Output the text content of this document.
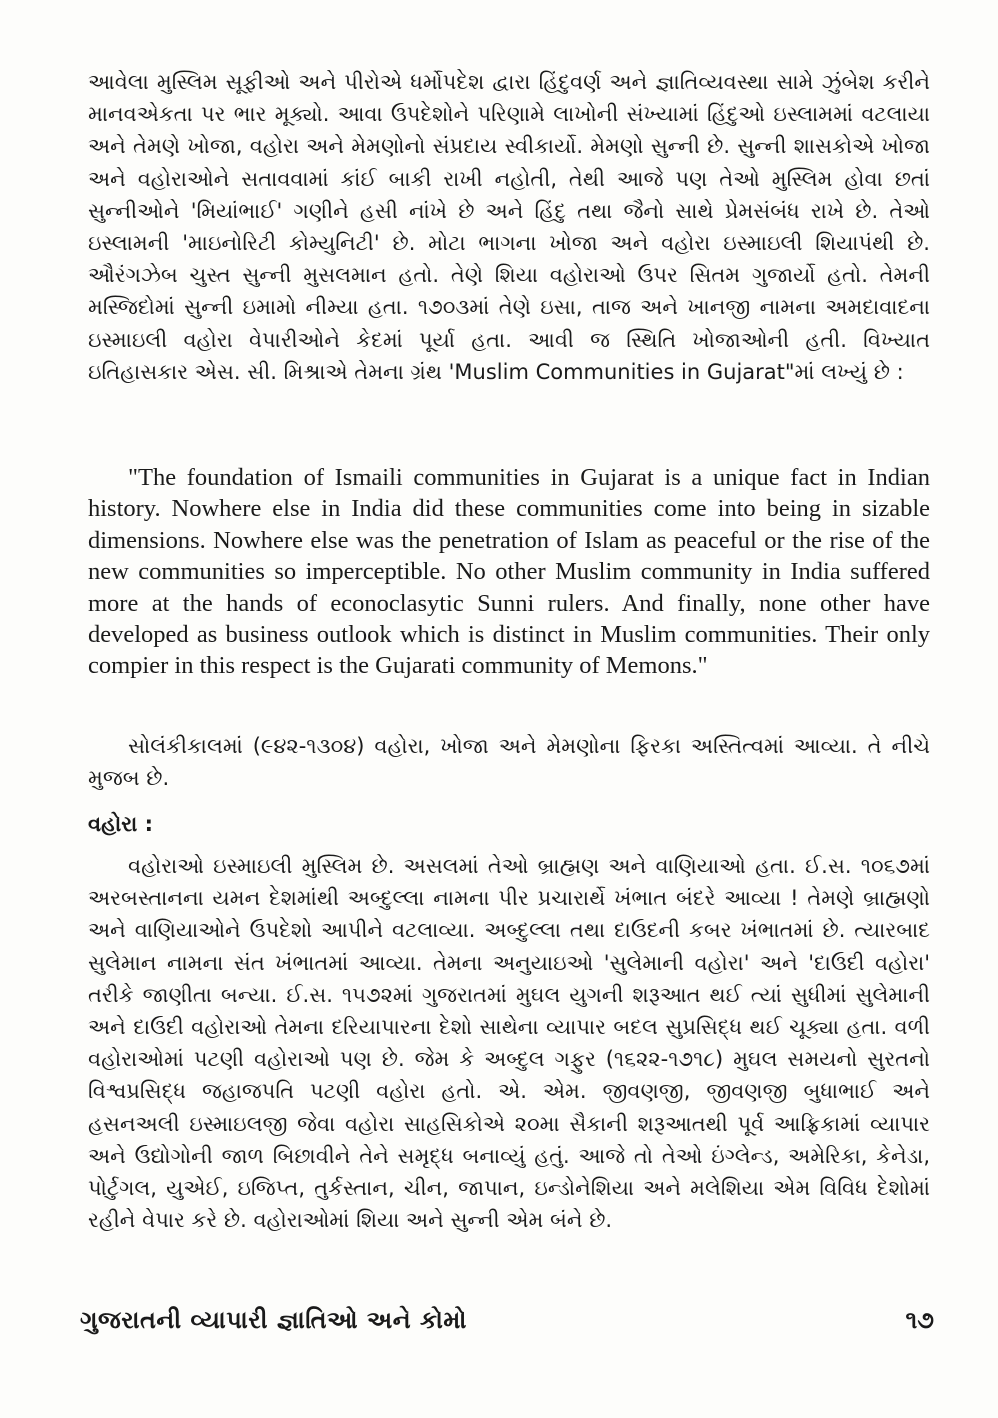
આવેલા મુસ્લિમ સૂફીઓ અને પીરોએ ધર્મોપદેશ દ્વારા હિંદુવર્ણ અને જ્ઞાતિવ્યવસ્થા સામે ઝુંબેશ કરીને માનવએકતા પર ભાર મૂક્યો. આવા ઉપદેશોને પરિણામે લાખોની સંખ્યામાં હિંદુઓ ઇસ્લામમાં વટલાયા અને તેમણે ખોજા, વહોરા અને મેમણોનો સંપ્રદાય સ્વીકાર્યો. મેમણો સુન્ની છે. સુન્ની શાસકોએ ખોજા અને વહોરાઓને સતાવવામાં કાંઈ બાકી રાખી નહોતી, તેથી આજે પણ તેઓ મુસ્લિમ હોવા છતાં સુન્નીઓને 'મિયાંભાઈ' ગણીને હસી નાંખે છે અને હિંદુ તથા જૈનો સાથે પ્રેમસંબંધ રાખે છે. તેઓ ઇસ્લામની 'માઇનોરિટી કોમ્યુનિટી' છે. મોટા ભાગના ખોજા અને વહોરા ઇસ્માઇલી શિયાપંથી છે. ઔરંગઝેબ ચુસ્ત સુન્ની મુસલમાન હતો. તેણે શિયા વહોરાઓ ઉપર સિતમ ગુજાર્યો હતો. તેમની મસ્જિદોમાં સુન્ની ઇમામો નીમ્યા હતા. ૧૭૦૩માં તેણે ઇસા, તાજ અને ખાનજી નામના અમદાવાદના ઇસ્માઇલી વહોરા વેપારીઓને કેદમાં પૂર્યા હતા. આવી જ સ્થિતિ ખોજાઓની હતી. વિખ્યાત ઇતિહાસકાર એસ. સી. મિશ્રાએ તેમના ગ્રંથ 'Muslim Communities in Gujarat"માં લખ્યું છે :

"The foundation of Ismaili communities in Gujarat is a unique fact in Indian history. Nowhere else in India did these communities come into being in sizable dimensions. Nowhere else was the penetration of Islam as peaceful or the rise of the new communities so imperceptible. No other Muslim community in India suffered more at the hands of econoclasytic Sunni rulers. And finally, none other have developed as business outlook which is distinct in Muslim communities. Their only compier in this respect is the Gujarati community of Memons."

સોલંકીકાલમાં (૯૪૨-૧૩૦૪) વહોરા, ખોજા અને મેમણોના ફિરકા અસ્તિત્વમાં આવ્યા. તે નીચે મુજબ છે.

વહોરા :

વહોરાઓ ઇસ્માઇલી મુસ્લિમ છે. અસલમાં તેઓ બ્રાહ્મણ અને વાણિયાઓ હતા. ઈ.સ. ૧૦૬૭માં અરબસ્તાનના યમન દેશમાંથી અબ્દુલ્લા નામના પીર પ્રચારાર્થે ખંભાત બંદરે આવ્યા ! તેમણે બ્રાહ્મણો અને વાણિયાઓને ઉપદેશો આપીને વટલાવ્યા. અબ્દુલ્લા તથા દાઉદની કબર ખંભાતમાં છે. ત્યારબાદ સુલેમાન નામના સંત ખંભાતમાં આવ્યા. તેમના અનુયાઇઓ 'સુલેમાની વહોરા' અને 'દાઉદી વહોરા' તરીકે જાણીતા બન્યા. ઈ.સ. ૧૫૭૨માં ગુજરાતમાં મુઘલ યુગની શરૂઆત થઈ ત્યાં સુધીમાં સુલેમાની અને દાઉદી વહોરાઓ તેમના દરિયાપારના દેશો સાથેના વ્યાપાર બદલ સુપ્રસિદ્ધ થઈ ચૂક્યા હતા. વળી વહોરાઓમાં પટણી વહોરાઓ પણ છે. જેમ કે અબ્દુલ ગફુર (૧૬૨૨-૧૭૧૮) મુઘલ સમયનો સુરતનો વિશ્વપ્રસિદ્ધ જહાજપતિ પટણી વહોરા હતો. એ. એમ. જીવણજી, જીવણજી બુધાભાઈ અને હસનઅલી ઇસ્માઇલજી જેવા વહોરા સાહસિકોએ ૨૦મા સૈકાની શરૂઆતથી પૂર્વ આફ્રિકામાં વ્યાપાર અને ઉદ્યોગોની જાળ બિછાવીને તેને સમૃદ્ધ બનાવ્યું હતું. આજે તો તેઓ ઇંગ્લેન્ડ, અમેરિકા, કેનેડા, પોર્ટુગલ, યુએઈ, ઇજિપ્ત, તુર્કસ્તાન, ચીન, જાપાન, ઇન્ડોનેશિયા અને મલેશિયા એમ વિવિધ દેશોમાં રહીને વેપાર કરે છે. વહોરાઓમાં શિયા અને સુન્ની એમ બંને છે.

ગુજરાતની વ્યાપારી જ્ઞાતિઓ અને કોમો	૧૭
